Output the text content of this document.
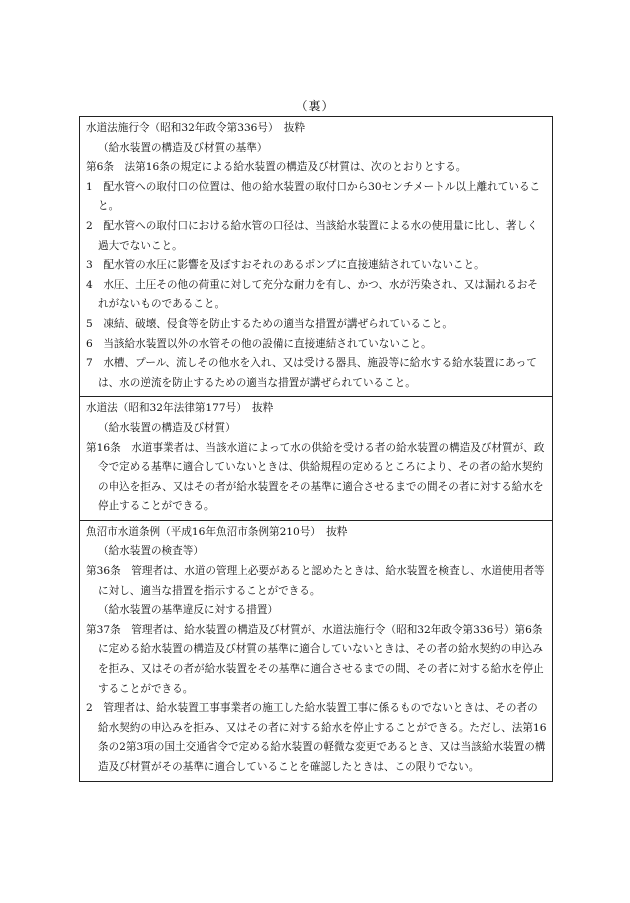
（裏）

水道法施行令（昭和32年政令第336号）　抜粋

（給水装置の構造及び材質の基準）

第6条　法第16条の規定による給水装置の構造及び材質は、次のとおりとする。

1　配水管への取付口の位置は、他の給水装置の取付口から30センチメートル以上離れていること。

2　配水管への取付口における給水管の口径は、当該給水装置による水の使用量に比し、著しく過大でないこと。

3　配水管の水圧に影響を及ぼすおそれのあるポンプに直接連結されていないこと。

4　水圧、土圧その他の荷重に対して充分な耐力を有し、かつ、水が汚染され、又は漏れるおそれがないものであること。

5　凍結、破壊、侵食等を防止するための適当な措置が講ぜられていること。

6　当該給水装置以外の水管その他の設備に直接連結されていないこと。

7　水槽、プール、流しその他水を入れ、又は受ける器具、施設等に給水する給水装置にあっては、水の逆流を防止するための適当な措置が講ぜられていること。

水道法（昭和32年法律第177号）　抜粋

（給水装置の構造及び材質）

第16条　水道事業者は、当該水道によって水の供給を受ける者の給水装置の構造及び材質が、政令で定める基準に適合していないときは、供給規程の定めるところにより、その者の給水契約の申込を拒み、又はその者が給水装置をその基準に適合させるまでの間その者に対する給水を停止することができる。

魚沼市水道条例（平成16年魚沼市条例第210号）　抜粋

（給水装置の検査等）

第36条　管理者は、水道の管理上必要があると認めたときは、給水装置を検査し、水道使用者等に対し、適当な措置を指示することができる。

（給水装置の基準違反に対する措置）

第37条　管理者は、給水装置の構造及び材質が、水道法施行令（昭和32年政令第336号）第6条に定める給水装置の構造及び材質の基準に適合していないときは、その者の給水契約の申込みを拒み、又はその者が給水装置をその基準に適合させるまでの間、その者に対する給水を停止することができる。

2　管理者は、給水装置工事事業者の施工した給水装置工事に係るものでないときは、その者の給水契約の申込みを拒み、又はその者に対する給水を停止することができる。ただし、法第16条の2第3項の国土交通省令で定める給水装置の軽微な変更であるとき、又は当該給水装置の構造及び材質がその基準に適合していることを確認したときは、この限りでない。
